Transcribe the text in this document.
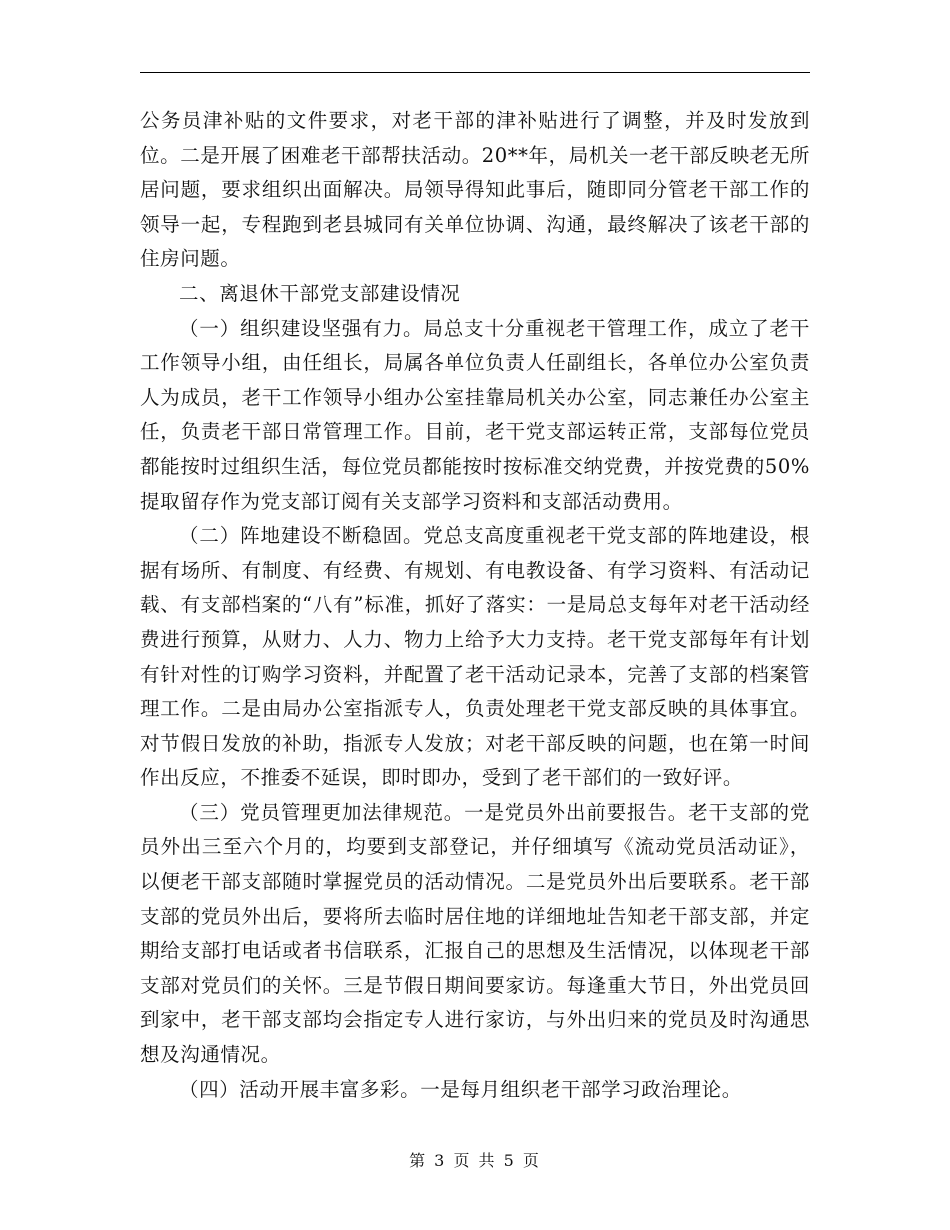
公务员津补贴的文件要求，对老干部的津补贴进行了调整，并及时发放到位。二是开展了困难老干部帮扶活动。20**年，局机关一老干部反映老无所居问题，要求组织出面解决。局领导得知此事后，随即同分管老干部工作的领导一起，专程跑到老县城同有关单位协调、沟通，最终解决了该老干部的住房问题。

二、离退休干部党支部建设情况

（一）组织建设坚强有力。局总支十分重视老干管理工作，成立了老干工作领导小组，由任组长，局属各单位负责人任副组长，各单位办公室负责人为成员，老干工作领导小组办公室挂靠局机关办公室，同志兼任办公室主任，负责老干部日常管理工作。目前，老干党支部运转正常，支部每位党员都能按时过组织生活，每位党员都能按时按标准交纳党费，并按党费的50%提取留存作为党支部订阅有关支部学习资料和支部活动费用。

（二）阵地建设不断稳固。党总支高度重视老干党支部的阵地建设，根据有场所、有制度、有经费、有规划、有电教设备、有学习资料、有活动记载、有支部档案的“八有”标准，抓好了落实：一是局总支每年对老干活动经费进行预算，从财力、人力、物力上给予大力支持。老干党支部每年有计划有针对性的订购学习资料，并配置了老干活动记录本，完善了支部的档案管理工作。二是由局办公室指派专人，负责处理老干党支部反映的具体事宜。对节假日发放的补助，指派专人发放；对老干部反映的问题，也在第一时间作出反应，不推委不延误，即时即办，受到了老干部们的一致好评。

（三）党员管理更加法律规范。一是党员外出前要报告。老干支部的党员外出三至六个月的，均要到支部登记，并仔细填写《流动党员活动证》，以便老干部支部随时掌握党员的活动情况。二是党员外出后要联系。老干部支部的党员外出后，要将所去临时居住地的详细地址告知老干部支部，并定期给支部打电话或者书信联系，汇报自己的思想及生活情况，以体现老干部支部对党员们的关怀。三是节假日期间要家访。每逢重大节日，外出党员回到家中，老干部支部均会指定专人进行家访，与外出归来的党员及时沟通思想及沟通情况。

（四）活动开展丰富多彩。一是每月组织老干部学习政治理论。

第 3 页 共 5 页
